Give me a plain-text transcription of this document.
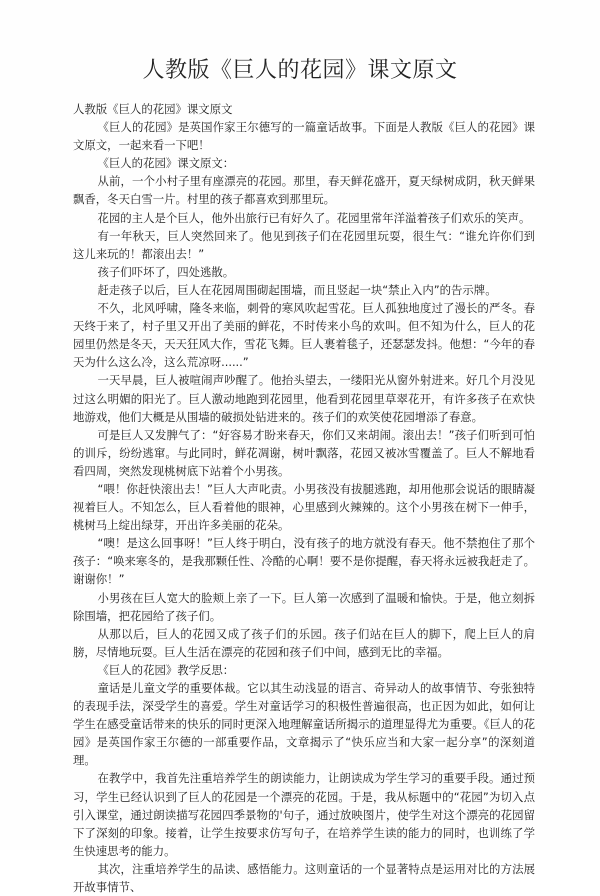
人教版《巨人的花园》课文原文

人教版《巨人的花园》课文原文

《巨人的花园》是英国作家王尔德写的一篇童话故事。下面是人教版《巨人的花园》课文原文，一起来看一下吧！

《巨人的花园》课文原文：

从前，一个小村子里有座漂亮的花园。那里，春天鲜花盛开，夏天绿树成阴，秋天鲜果飘香，冬天白雪一片。村里的孩子都喜欢到那里玩。

花园的主人是个巨人，他外出旅行已有好久了。花园里常年洋溢着孩子们欢乐的笑声。

有一年秋天，巨人突然回来了。他见到孩子们在花园里玩耍，很生气：“谁允许你们到这儿来玩的！都滚出去！”

孩子们吓坏了，四处逃散。

赶走孩子以后，巨人在花园周围砌起围墙，而且竖起一块“禁止入内”的告示牌。

不久，北风呼啸，隆冬来临，刺骨的寒风吹起雪花。巨人孤独地度过了漫长的严冬。春天终于来了，村子里又开出了美丽的鲜花，不时传来小鸟的欢叫。但不知为什么，巨人的花园里仍然是冬天，天天狂风大作，雪花飞舞。巨人裹着毯子，还瑟瑟发抖。他想：“今年的春天为什么这么冷，这么荒凉呀......”

一天早晨，巨人被喧闹声吵醒了。他抬头望去，一缕阳光从窗外射进来。好几个月没见过这么明媚的阳光了。巨人激动地跑到花园里，他看到花园里草翠花开，有许多孩子在欢快地游戏，他们大概是从围墙的破损处钻进来的。孩子们的欢笑使花园增添了春意。

可是巨人又发脾气了：“好容易才盼来春天，你们又来胡闹。滚出去！”孩子们听到可怕的训斥，纷纷逃窜。与此同时，鲜花凋谢，树叶飘落，花园又被冰雪覆盖了。巨人不解地看看四周，突然发现桃树底下站着个小男孩。

“喂！你赶快滚出去！”巨人大声叱责。小男孩没有拔腿逃跑，却用他那会说话的眼睛凝视着巨人。不知怎么，巨人看着他的眼神，心里感到火辣辣的。这个小男孩在树下一伸手，桃树马上绽出绿芽，开出许多美丽的花朵。

“噢！是这么回事呀！”巨人终于明白，没有孩子的地方就没有春天。他不禁抱住了那个孩子：“唤来寒冬的，是我那颗任性、冷酷的心啊！要不是你提醒，春天将永远被我赶走了。谢谢你！”

小男孩在巨人宽大的脸颊上亲了一下。巨人第一次感到了温暖和愉快。于是，他立刻拆除围墙，把花园给了孩子们。

从那以后，巨人的花园又成了孩子们的乐园。孩子们站在巨人的脚下，爬上巨人的肩膀，尽情地玩耍。巨人生活在漂亮的花园和孩子们中间，感到无比的幸福。

《巨人的花园》教学反思：

童话是儿童文学的重要体裁。它以其生动浅显的语言、奇异动人的故事情节、夸张独特的表现手法，深受学生的喜爱。学生对童话学习的积极性普遍很高，也正因为如此，如何让学生在感受童话带来的快乐的同时更深入地理解童话所揭示的道理显得尤为重要。《巨人的花园》是英国作家王尔德的一部重要作品，文章揭示了“快乐应当和大家一起分享”的深刻道理。

在教学中，我首先注重培养学生的朗读能力，让朗读成为学生学习的重要手段。通过预习，学生已经认识到了巨人的花园是一个漂亮的花园。于是，我从标题中的“花园”为切入点引入课堂，通过朗读描写花园四季景物的'句子，通过放映图片，使学生对这个漂亮的花园留下了深刻的印象。接着，让学生按要求仿写句子，在培养学生读的能力的同时，也训练了学生快速思考的能力。

其次，注重培养学生的品读、感悟能力。这则童话的一个显著特点是运用对比的方法展开故事情节、
